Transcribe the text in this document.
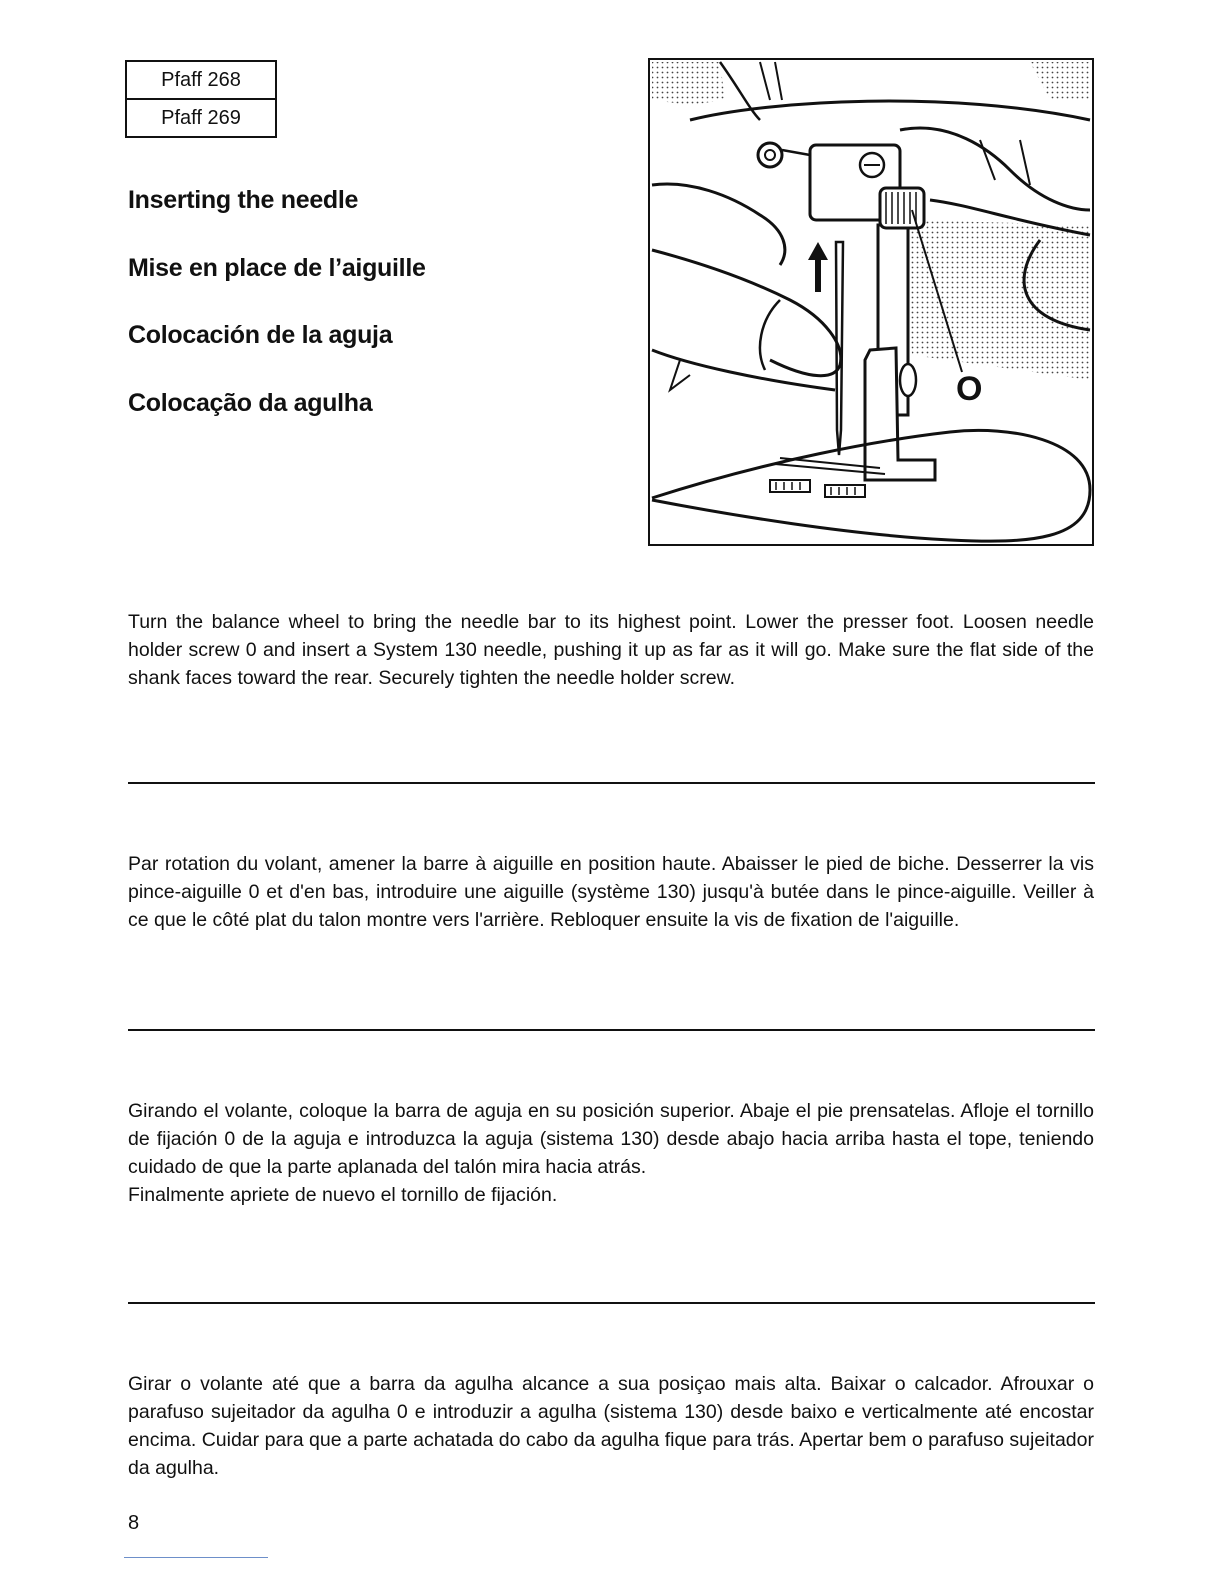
Pfaff 268
Pfaff 269
Inserting the needle
Mise en place de l’aiguille
Colocación de la aguja
Colocação da agulha	O

Turn the balance wheel to bring the needle bar to its highest point. Lower the presser foot. Loosen needle holder screw 0 and insert a System 130 needle, pushing it up as far as it will go. Make sure the flat side of the shank faces toward the rear. Securely tighten the needle holder screw.

Par rotation du volant, amener la barre à aiguille en position haute. Abaisser le pied de biche. Desserrer la vis pince-aiguille 0 et d'en bas, introduire une aiguille (système 130) jusqu'à butée dans le pince-aiguille. Veiller à ce que le côté plat du talon montre vers l'arrière. Rebloquer ensuite la vis de fixation de l'aiguille.

Girando el volante, coloque la barra de aguja en su posición superior. Abaje el pie prensatelas. Afloje el tornillo de fijación 0 de la aguja e introduzca la aguja (sistema 130) desde abajo hacia arriba hasta el tope, teniendo cuidado de que la parte aplanada del talón mira hacia atrás.
Finalmente apriete de nuevo el tornillo de fijación.

Girar o volante até que a barra da agulha alcance a sua posiçao mais alta. Baixar o calcador. Afrouxar o parafuso sujeitador da agulha 0 e introduzir a agulha (sistema 130) desde baixo e verticalmente até encostar encima. Cuidar para que a parte achatada do cabo da agulha fique para trás. Apertar bem o parafuso sujeitador da agulha.

8
